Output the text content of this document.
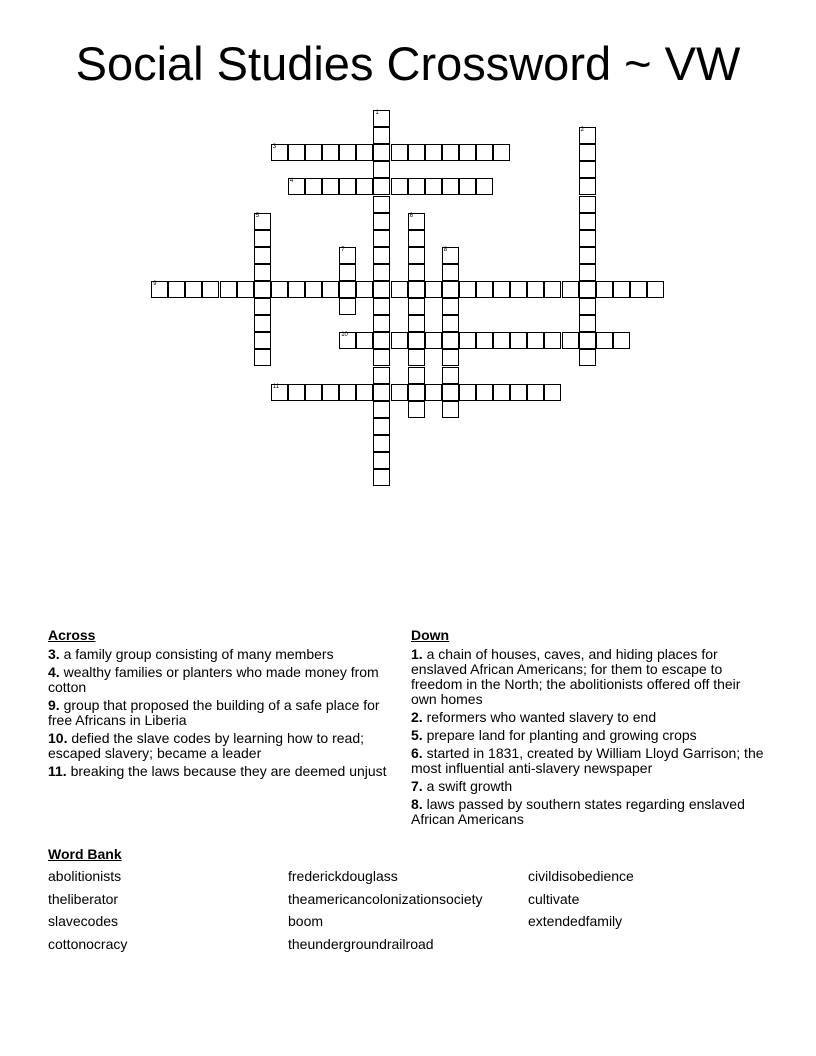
Social Studies Crossword ~ VW
1
2
3
4
5	6
7	8
9
10
11
Across
3. a family group consisting of many members
4. wealthy families or planters who made money from cotton
9. group that proposed the building of a safe place for free Africans in Liberia
10. defied the slave codes by learning how to read; escaped slavery; became a leader
11. breaking the laws because they are deemed unjust
Down
1. a chain of houses, caves, and hiding places for enslaved African Americans; for them to escape to freedom in the North; the abolitionists offered off their own homes
2. reformers who wanted slavery to end
5. prepare land for planting and growing crops
6. started in 1831, created by William Lloyd Garrison; the most influential anti-slavery newspaper
7. a swift growth
8. laws passed by southern states regarding enslaved African Americans
Word Bank
abolitionists
theliberator
slavecodes
cottonocracy
frederickdouglass
theamericancolonizationsociety
boom
theundergroundrailroad
civildisobedience
cultivate
extendedfamily
